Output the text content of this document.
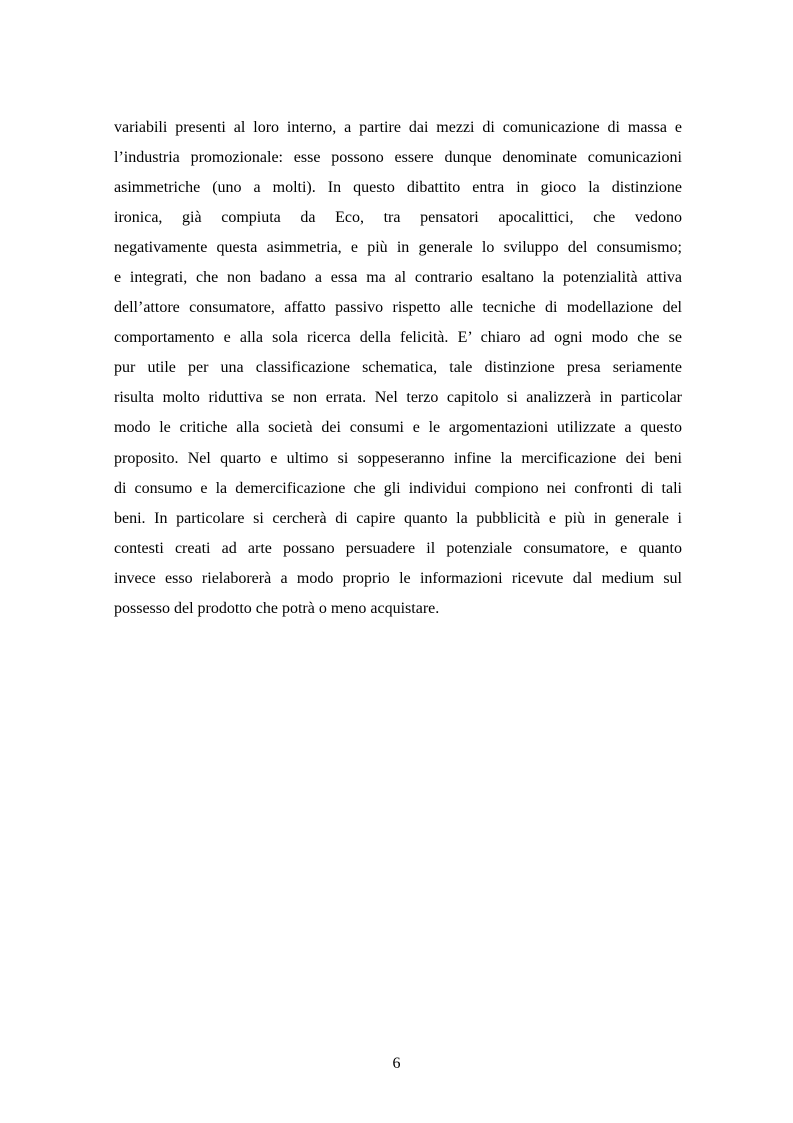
variabili presenti al loro interno, a partire dai mezzi di comunicazione di massa e
l’industria promozionale: esse possono essere dunque denominate comunicazioni
asimmetriche (uno a molti). In questo dibattito entra in gioco la distinzione
ironica, già compiuta da Eco, tra pensatori apocalittici, che vedono
negativamente questa asimmetria, e più in generale lo sviluppo del consumismo;
e integrati, che non badano a essa ma al contrario esaltano la potenzialità attiva
dell’attore consumatore, affatto passivo rispetto alle tecniche di modellazione del
comportamento e alla sola ricerca della felicità. E’ chiaro ad ogni modo che se
pur utile per una classificazione schematica, tale distinzione presa seriamente
risulta molto riduttiva se non errata. Nel terzo capitolo si analizzerà in particolar
modo le critiche alla società dei consumi e le argomentazioni utilizzate a questo
proposito. Nel quarto e ultimo si soppeseranno infine la mercificazione dei beni
di consumo e la demercificazione che gli individui compiono nei confronti di tali
beni. In particolare si cercherà di capire quanto la pubblicità e più in generale i
contesti creati ad arte possano persuadere il potenziale consumatore, e quanto
invece esso rielaborerà a modo proprio le informazioni ricevute dal medium sul
possesso del prodotto che potrà o meno acquistare.
6
